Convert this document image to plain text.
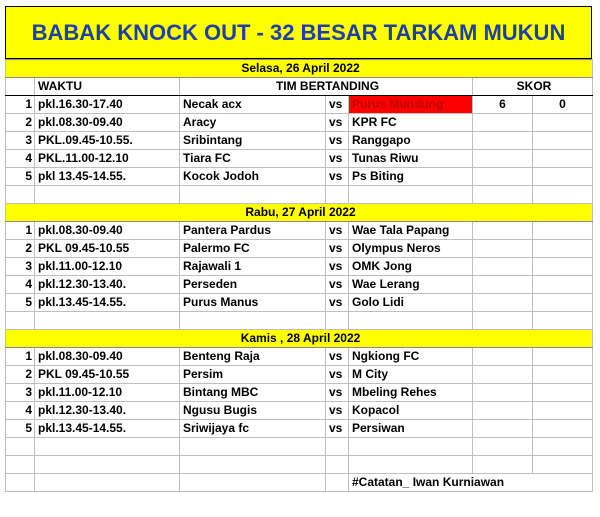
BABAK KNOCK OUT - 32 BESAR TARKAM MUKUN
Selasa, 26 April 2022						
	WAKTU	TIM BERTANDING			SKOR	
1	pkl.16.30-17.40	Necak acx	vs	Purus Mundung	6	0
2	pkl.08.30-09.40	Aracy	vs	KPR FC		
3	PKL.09.45-10.55.	Sribintang	vs	Ranggapo		
4	PKL.11.00-12.10	Tiara FC	vs	Tunas Riwu		
5	pkl 13.45-14.55.	Kocok Jodoh	vs	Ps Biting		

Rabu, 27 April 2022						
1	pkl.08.30-09.40	Pantera Pardus	vs	Wae Tala Papang		
2	PKL 09.45-10.55	Palermo FC	vs	Olympus Neros		
3	pkl.11.00-12.10	Rajawali 1	vs	OMK Jong		
4	pkl.12.30-13.40.	Perseden	vs	Wae Lerang		
5	pkl.13.45-14.55.	Purus Manus	vs	Golo Lidi		

Kamis , 28 April 2022						
1	pkl.08.30-09.40	Benteng Raja	vs	Ngkiong FC		
2	PKL 09.45-10.55	Persim	vs	M City		
3	pkl.11.00-12.10	Bintang MBC	vs	Mbeling Rehes		
4	pkl.12.30-13.40.	Ngusu Bugis	vs	Kopacol		
5	pkl.13.45-14.55.	Sriwijaya fc	vs	Persiwan		

				#Catatan_ Iwan Kurniawan		
